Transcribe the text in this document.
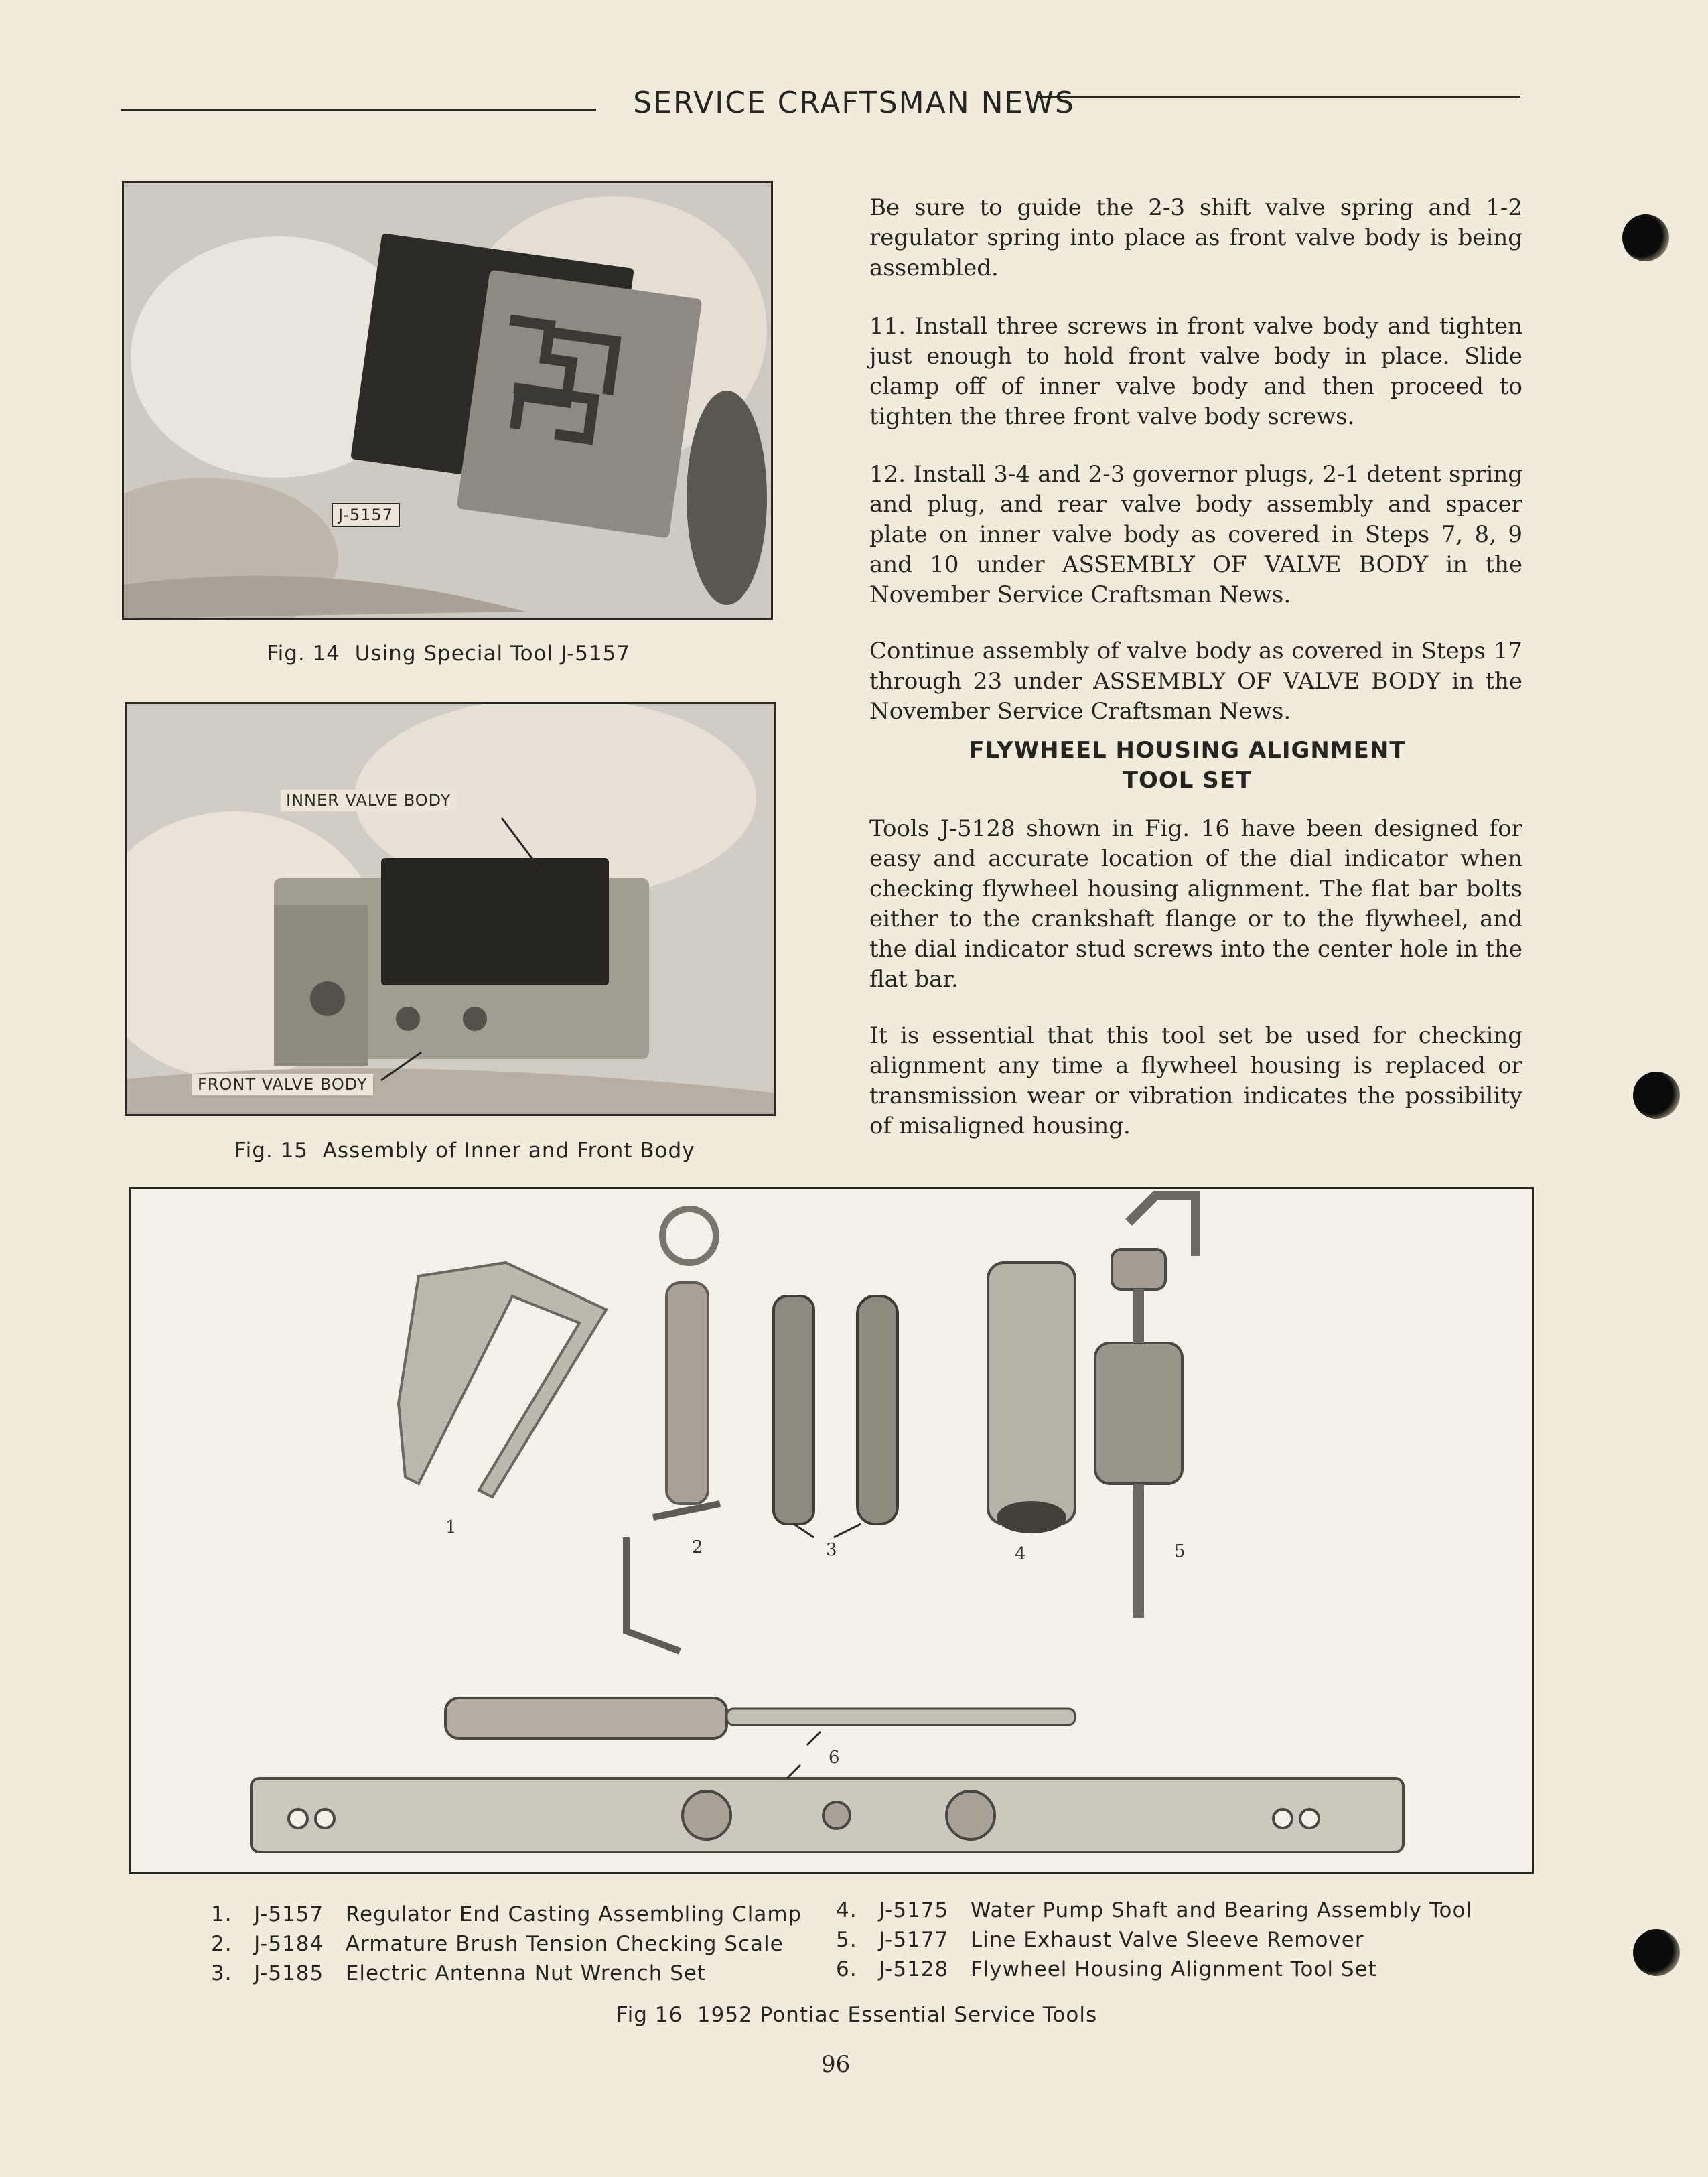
SERVICE CRAFTSMAN NEWS
J-5157
Fig. 14  Using Special Tool J-5157
INNER VALVE BODY
FRONT VALVE BODY
Fig. 15  Assembly of Inner and Front Body
Be sure to guide the 2-3 shift valve spring and 1-2 regulator spring into place as front valve body is being assembled.
11. Install three screws in front valve body and tighten just enough to hold front valve body in place. Slide clamp off of inner valve body and then proceed to tighten the three front valve body screws.
12. Install 3-4 and 2-3 governor plugs, 2-1 detent spring and plug, and rear valve body assembly and spacer plate on inner valve body as covered in Steps 7, 8, 9 and 10 under ASSEMBLY OF VALVE BODY in the November Service Craftsman News.
Continue assembly of valve body as covered in Steps 17 through 23 under ASSEMBLY OF VALVE BODY in the November Service Craftsman News.
FLYWHEEL HOUSING ALIGNMENT
TOOL SET
Tools J-5128 shown in Fig. 16 have been designed for easy and accurate location of the dial indicator when checking flywheel housing alignment. The flat bar bolts either to the crankshaft flange or to the flywheel, and the dial indicator stud screws into the center hole in the flat bar.
It is essential that this tool set be used for checking alignment any time a flywheel housing is replaced or transmission wear or vibration indicates the possibility of misaligned housing.
1
2	3	4	5
6
1. J-5157 Regulator End Casting Assembling Clamp
2. J-5184 Armature Brush Tension Checking Scale
3. J-5185 Electric Antenna Nut Wrench Set
4. J-5175 Water Pump Shaft and Bearing Assembly Tool
5. J-5177 Line Exhaust Valve Sleeve Remover
6. J-5128 Flywheel Housing Alignment Tool Set
Fig 16  1952 Pontiac Essential Service Tools
96
